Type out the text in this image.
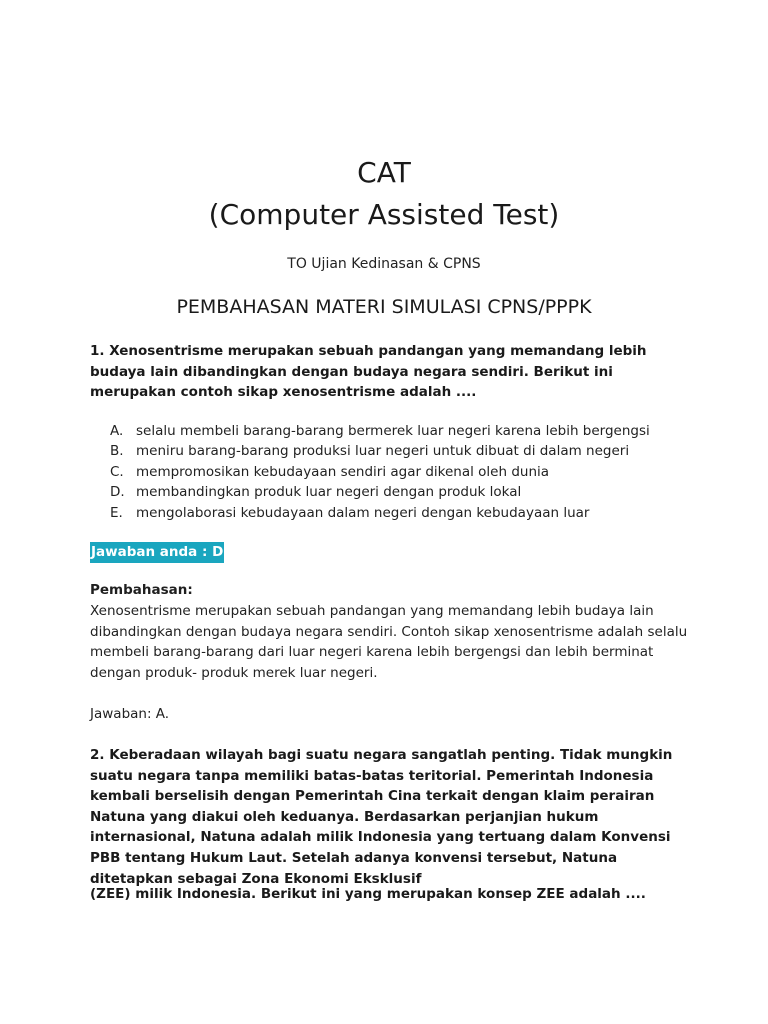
CAT
(Computer Assisted Test)
TO Ujian Kedinasan & CPNS
PEMBAHASAN MATERI SIMULASI CPNS/PPPK

1. Xenosentrisme merupakan sebuah pandangan yang memandang lebih budaya lain dibandingkan dengan budaya negara sendiri. Berikut ini merupakan contoh sikap xenosentrisme adalah ....

A. selalu membeli barang-barang bermerek luar negeri karena lebih bergengsi
B. meniru barang-barang produksi luar negeri untuk dibuat di dalam negeri
C. mempromosikan kebudayaan sendiri agar dikenal oleh dunia
D. membandingkan produk luar negeri dengan produk lokal
E. mengolaborasi kebudayaan dalam negeri dengan kebudayaan luar
Jawaban anda : D
Pembahasan:

Xenosentrisme merupakan sebuah pandangan yang memandang lebih budaya lain dibandingkan dengan budaya negara sendiri. Contoh sikap xenosentrisme adalah selalu membeli barang-barang dari luar negeri karena lebih bergengsi dan lebih berminat dengan produk- produk merek luar negeri.

Jawaban: A.

2. Keberadaan wilayah bagi suatu negara sangatlah penting. Tidak mungkin suatu negara tanpa memiliki batas-batas teritorial. Pemerintah Indonesia kembali berselisih dengan Pemerintah Cina terkait dengan klaim perairan Natuna yang diakui oleh keduanya. Berdasarkan perjanjian hukum internasional, Natuna adalah milik Indonesia yang tertuang dalam Konvensi PBB tentang Hukum Laut. Setelah adanya konvensi tersebut, Natuna ditetapkan sebagai Zona Ekonomi Eksklusif

(ZEE) milik Indonesia. Berikut ini yang merupakan konsep ZEE adalah ....
